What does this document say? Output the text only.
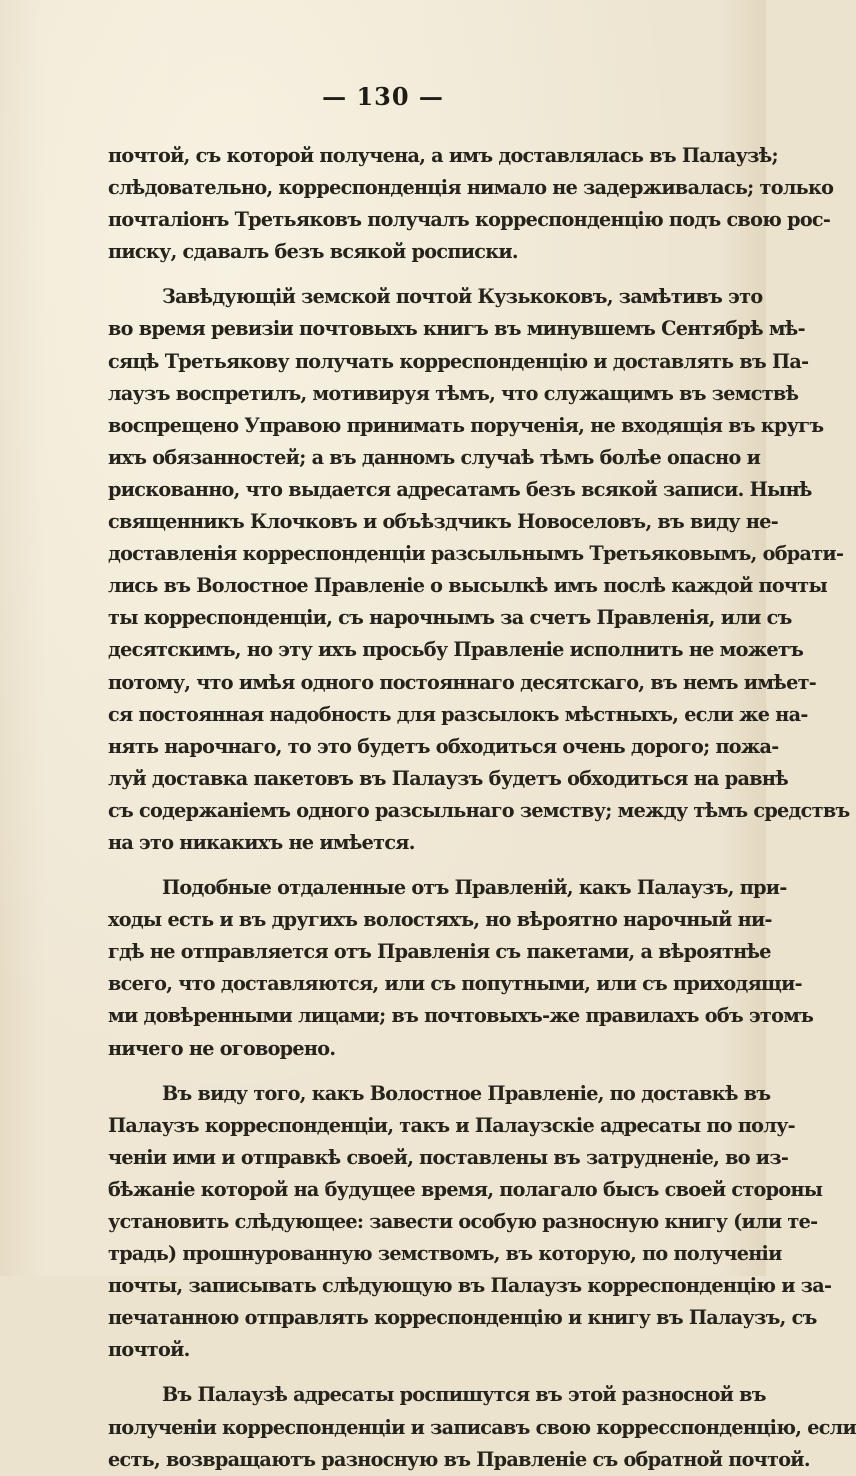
— 130 —
почтой, съ которой получена, а имъ доставлялась въ Палаузѣ;
слѣдовательно, корреспонденція нимало не задерживалась; только
почталіонъ Третьяковъ получалъ корреспонденцію подъ свою рос-
писку, сдавалъ безъ всякой росписки.
Завѣдующій земской почтой Кузькоковъ, замѣтивъ это
во время ревизіи почтовыхъ книгъ въ минувшемъ Сентябрѣ мѣ-
сяцѣ Третьякову получать корреспонденцію и доставлять въ Па-
лаузъ воспретилъ, мотивируя тѣмъ, что служащимъ въ земствѣ
воспрещено Управою принимать порученія, не входящія въ кругъ
ихъ обязанностей; а въ данномъ случаѣ тѣмъ болѣе опасно и
рискованно, что выдается адресатамъ безъ всякой записи. Нынѣ
священникъ Клочковъ и объѣздчикъ Новоселовъ, въ виду не-
доставленія корреспонденціи разсыльнымъ Третьяковымъ, обрати-
лись въ Волостное Правленіе о высылкѣ имъ послѣ каждой почты
ты корреспонденціи, съ нарочнымъ за счетъ Правленія, или съ
десятскимъ, но эту ихъ просьбу Правленіе исполнить не можетъ
потому, что имѣя одного постояннаго десятскаго, въ немъ имѣет-
ся постоянная надобность для разсылокъ мѣстныхъ, если же на-
нять нарочнаго, то это будетъ обходиться очень дорого; пожа-
луй доставка пакетовъ въ Палаузъ будетъ обходиться на равнѣ
съ содержаніемъ одного разсыльнаго земству; между тѣмъ средствъ
на это никакихъ не имѣется.
Подобные отдаленные отъ Правленій, какъ Палаузъ, при-
ходы есть и въ другихъ волостяхъ, но вѣроятно нарочный ни-
гдѣ не отправляется отъ Правленія съ пакетами, а вѣроятнѣе
всего, что доставляются, или съ попутными, или съ приходящи-
ми довѣренными лицами; въ почтовыхъ-же правилахъ объ этомъ
ничего не оговорено.
Въ виду того, какъ Волостное Правленіе, по доставкѣ въ
Палаузъ корреспонденціи, такъ и Палаузскіе адресаты по полу-
ченіи ими и отправкѣ своей, поставлены въ затрудненіе, во из-
бѣжаніе которой на будущее время, полагало бысъ своей стороны
установить слѣдующее: завести особую разносную книгу (или те-
традь) прошнурованную земствомъ, въ которую, по полученіи
почты, записывать слѣдующую въ Палаузъ корреспонденцію и за-
печатанною отправлять корреспонденцію и книгу въ Палаузъ, съ
почтой.
Въ Палаузѣ адресаты роспишутся въ этой разносной въ
полученіи корреспонденціи и записавъ свою корресспонденцію, если
есть, возвращаютъ разносную въ Правленіе съ обратной почтой.
